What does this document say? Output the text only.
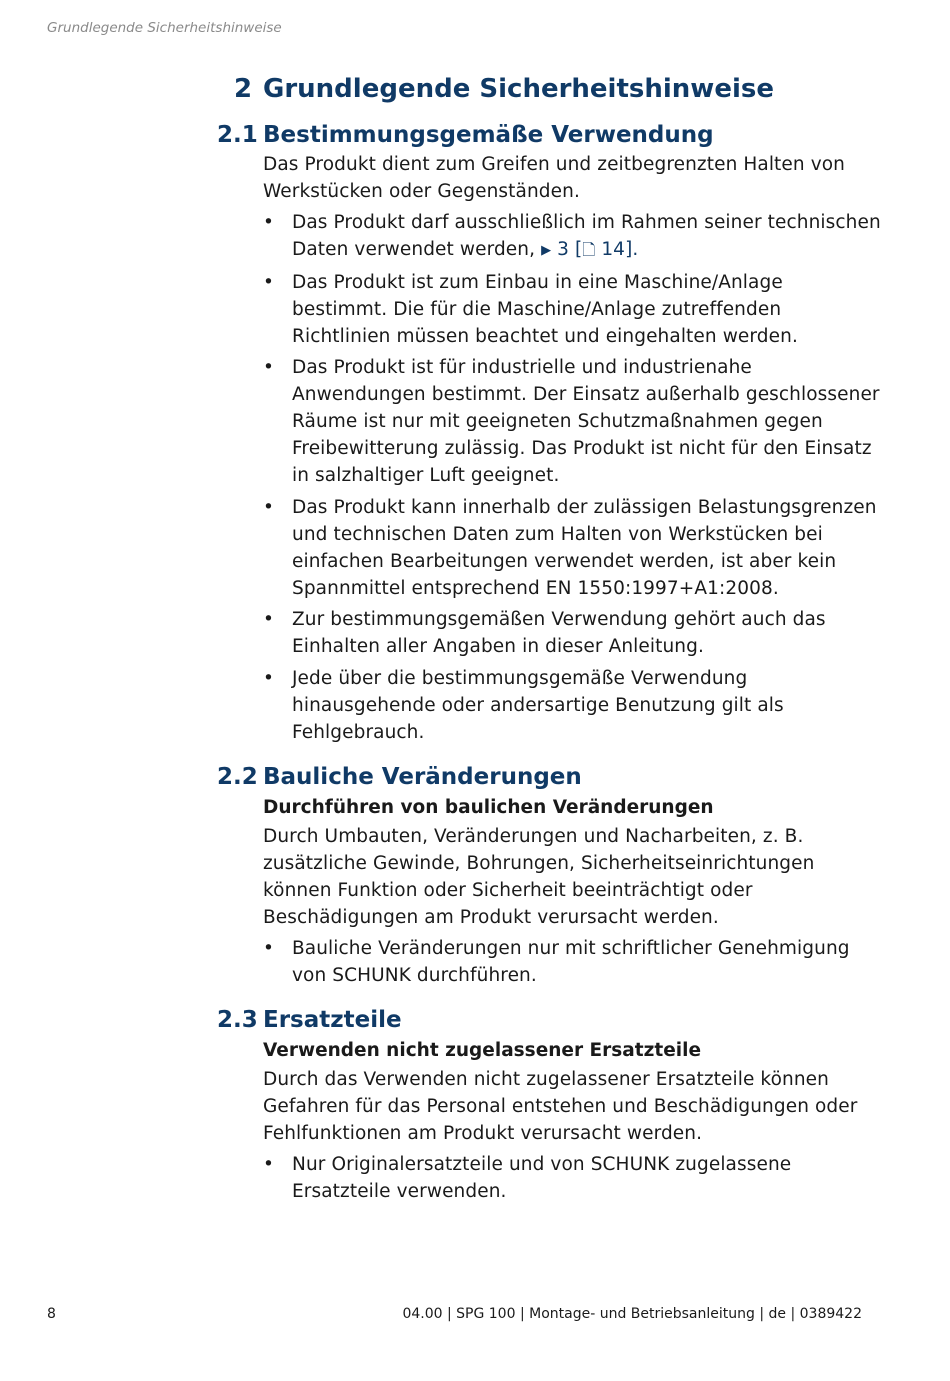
Grundlegende Sicherheitshinweise
2 Grundlegende Sicherheitshinweise
2.1 Bestimmungsgemäße Verwendung

Das Produkt dient zum Greifen und zeitbegrenzten Halten von Werkstücken oder Gegenständen.

• Das Produkt darf ausschließlich im Rahmen seiner technischen Daten verwendet werden, ▶ 3 [🗋 14].
• Das Produkt ist zum Einbau in eine Maschine/Anlage bestimmt. Die für die Maschine/Anlage zutreffenden Richtlinien müssen beachtet und eingehalten werden.
• Das Produkt ist für industrielle und industrienahe Anwendungen bestimmt. Der Einsatz außerhalb geschlossener Räume ist nur mit geeigneten Schutzmaßnahmen gegen Freibewitterung zulässig. Das Produkt ist nicht für den Einsatz in salzhaltiger Luft geeignet.
• Das Produkt kann innerhalb der zulässigen Belastungsgrenzen und technischen Daten zum Halten von Werkstücken bei einfachen Bearbeitungen verwendet werden, ist aber kein Spannmittel entsprechend EN 1550:1997+A1:2008.
• Zur bestimmungsgemäßen Verwendung gehört auch das Einhalten aller Angaben in dieser Anleitung.
• Jede über die bestimmungsgemäße Verwendung hinausgehende oder andersartige Benutzung gilt als Fehlgebrauch.
2.2 Bauliche Veränderungen
Durchführen von baulichen Veränderungen

Durch Umbauten, Veränderungen und Nacharbeiten, z. B. zusätzliche Gewinde, Bohrungen, Sicherheitseinrichtungen können Funktion oder Sicherheit beeinträchtigt oder Beschädigungen am Produkt verursacht werden.

• Bauliche Veränderungen nur mit schriftlicher Genehmigung von SCHUNK durchführen.
2.3 Ersatzteile
Verwenden nicht zugelassener Ersatzteile

Durch das Verwenden nicht zugelassener Ersatzteile können Gefahren für das Personal entstehen und Beschädigungen oder Fehlfunktionen am Produkt verursacht werden.

• Nur Originalersatzteile und von SCHUNK zugelassene Ersatzteile verwenden.
8	04.00 | SPG 100 | Montage- und Betriebsanleitung | de | 0389422
